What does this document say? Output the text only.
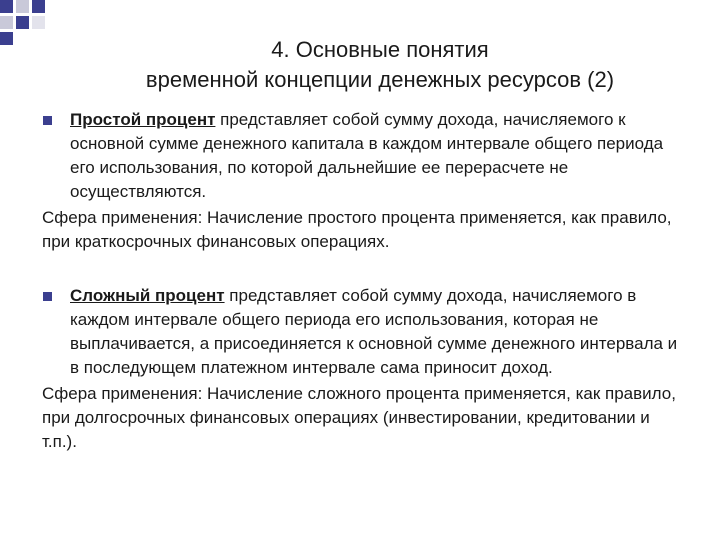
4. Основные понятия
временной концепции денежных ресурсов (2)
Простой процент представляет собой сумму дохода, начисляемого к основной сумме денежного капитала в каждом интервале общего периода его использования, по которой дальнейшие ее перерасчете не осуществляются.
Сфера применения: Начисление простого процента применяется, как правило, при краткосрочных финансовых операциях.
Сложный процент представляет собой сумму дохода, начисляемого в каждом интервале общего периода его использования, которая не выплачивается, а присоединяется к основной сумме денежного интервала и в последующем платежном интервале сама приносит доход.
Сфера применения: Начисление сложного процента применяется, как правило, при долгосрочных финансовых операциях (инвестировании, кредитовании и т.п.).
